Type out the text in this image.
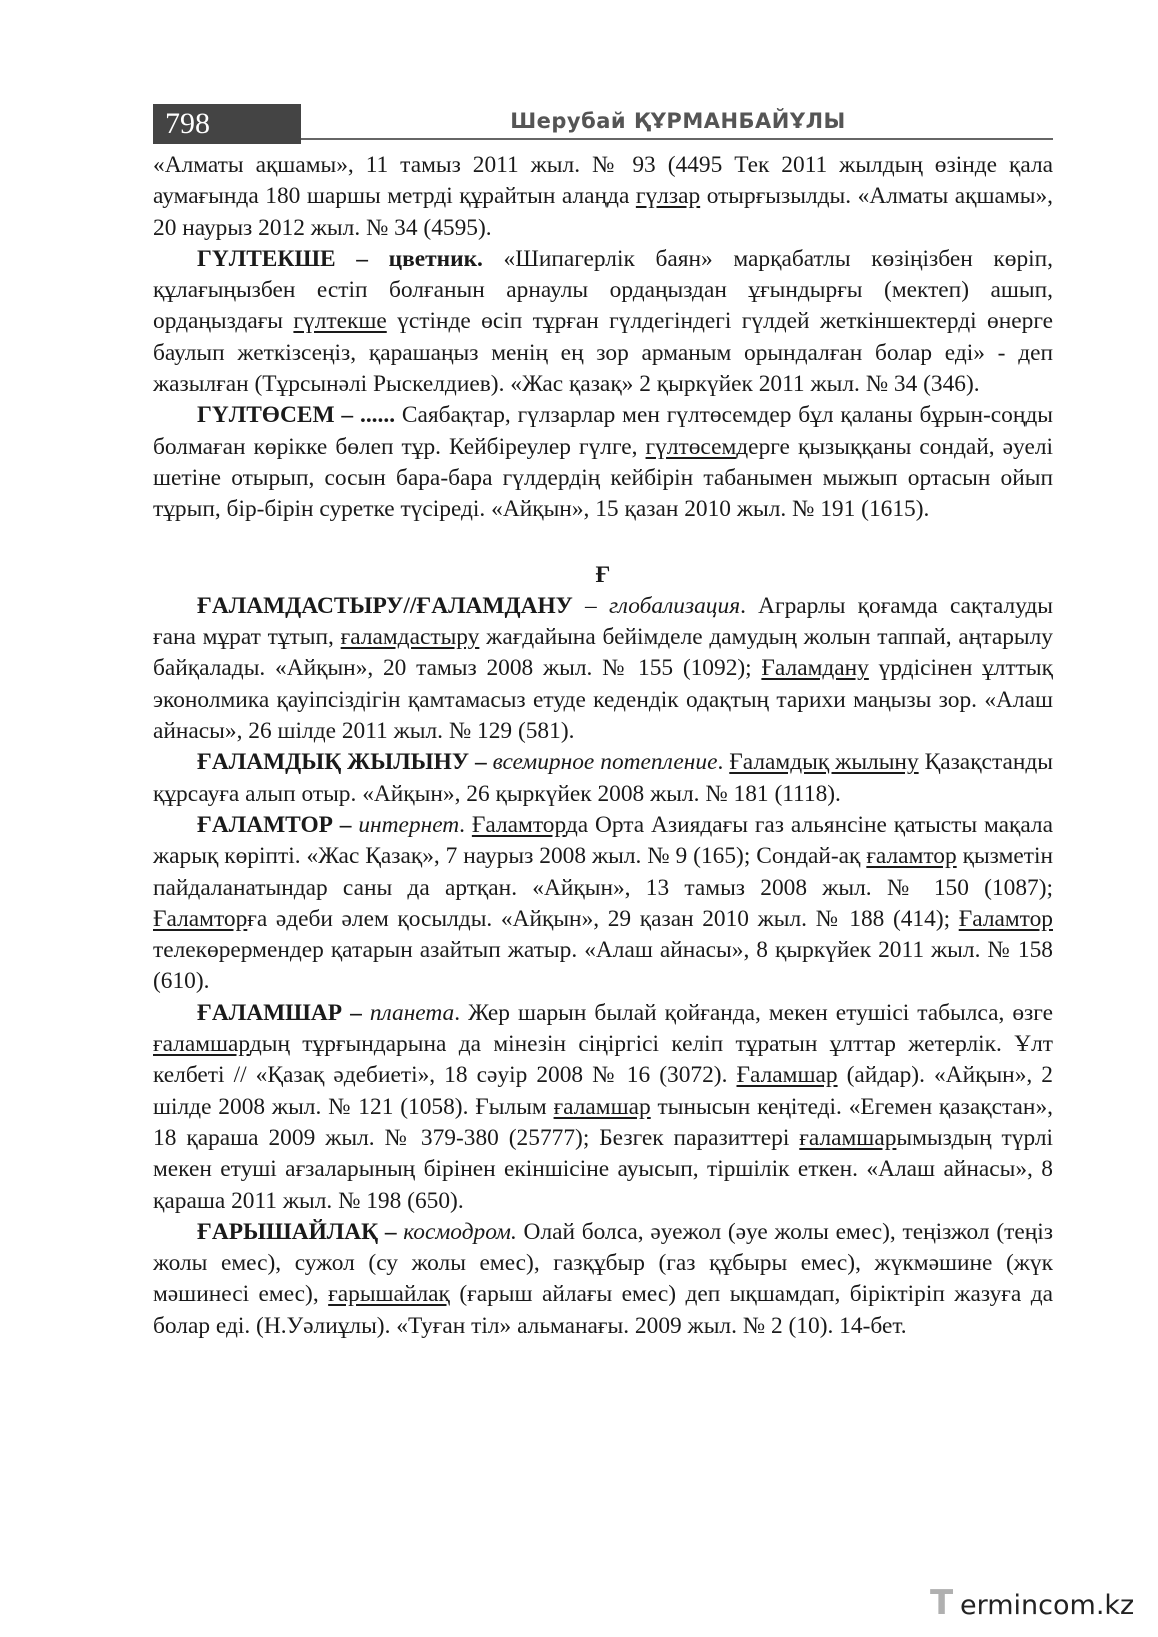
798	Шерубай ҚҰРМАНБАЙҰЛЫ

«Алматы ақшамы», 11 тамыз 2011 жыл. № 93 (4495 Тек 2011 жылдың өзінде қала аумағында 180 шаршы метрді құрайтын алаңда гүлзар отырғызылды. «Алматы ақшамы», 20 наурыз 2012 жыл. № 34 (4595).

ГҮЛТЕКШЕ – цветник. «Шипагерлік баян» марқабатлы көзіңізбен көріп, құлағыңызбен естіп болғанын арнаулы ордаңыздан ұғындырғы (мектеп) ашып, ордаңыздағы гүлтекше үстінде өсіп тұрған гүлдегіндегі гүлдей жеткіншектерді өнерге баулып жеткізсеңіз, қарашаңыз менің ең зор арманым орындалған болар еді» - деп жазылған (Тұрсынәлі Рыскелдиев). «Жас қазақ» 2 қыркүйек 2011 жыл. № 34 (346).

ГҮЛТӨСЕМ – ...... Саябақтар, гүлзарлар мен гүлтөсемдер бұл қаланы бұрын-соңды болмаған көрікке бөлеп тұр. Кейбіреулер гүлге, гүлтөсемдерге қызыққаны сондай, әуелі шетіне отырып, сосын бара-бара гүлдердің кейбірін табанымен мыжып ортасын ойып тұрып, бір-бірін суретке түсіреді. «Айқын», 15 қазан 2010 жыл. № 191 (1615).

Ғ

ҒАЛАМДАСТЫРУ//ҒАЛАМДАНУ – глобализация. Аграрлы қоғамда сақталуды ғана мұрат тұтып, ғаламдастыру жағдайына бейімделе дамудың жолын таппай, аңтарылу байқалады. «Айқын», 20 тамыз 2008 жыл. № 155 (1092); Ғаламдану үрдісінен ұлттық эконолмика қауіпсіздігін қамтамасыз етуде кедендік одақтың тарихи маңызы зор. «Алаш айнасы», 26 шілде 2011 жыл. № 129 (581).

ҒАЛАМДЫҚ ЖЫЛЫНУ – всемирное потепление. Ғаламдық жылыну Қазақстанды құрсауға алып отыр. «Айқын», 26 қыркүйек 2008 жыл. № 181 (1118).

ҒАЛАМТОР – интернет. Ғаламторда Орта Азиядағы газ альянсіне қатысты мақала жарық көріпті. «Жас Қазақ», 7 наурыз 2008 жыл. № 9 (165); Сондай-ақ ғаламтор қызметін пайдаланатындар саны да артқан. «Айқын», 13 тамыз 2008 жыл. № 150 (1087); Ғаламторға әдеби әлем қосылды. «Айқын», 29 қазан 2010 жыл. № 188 (414); Ғаламтор телекөрермендер қатарын азайтып жатыр. «Алаш айнасы», 8 қыркүйек 2011 жыл. № 158 (610).

ҒАЛАМШАР – планета. Жер шарын былай қойғанда, мекен етушісі табылса, өзге ғаламшардың тұрғындарына да мінезін сіңіргісі келіп тұратын ұлттар жетерлік. Ұлт келбеті // «Қазақ әдебиеті», 18 сәуір 2008 № 16 (3072). Ғаламшар (айдар). «Айқын», 2 шілде 2008 жыл. № 121 (1058). Ғылым ғаламшар тынысын кеңітеді. «Егемен қазақстан», 18 қараша 2009 жыл. № 379-380 (25777); Безгек паразиттері ғаламшарымыздың түрлі мекен етуші ағзаларының бірінен екіншісіне ауысып, тіршілік еткен. «Алаш айнасы», 8 қараша 2011 жыл. № 198 (650).

ҒАРЫШАЙЛАҚ – космодром. Олай болса, әуежол (әуе жолы емес), теңізжол (теңіз жолы емес), сужол (су жолы емес), газқұбыр (газ құбыры емес), жүкмәшине (жүк мәшинесі емес), ғарышайлақ (ғарыш айлағы емес) деп ықшамдап, біріктіріп жазуға да болар еді. (Н.Уәлиұлы). «Туған тіл» альманағы. 2009 жыл. № 2 (10). 14-бет.

T ermincоm.kz
